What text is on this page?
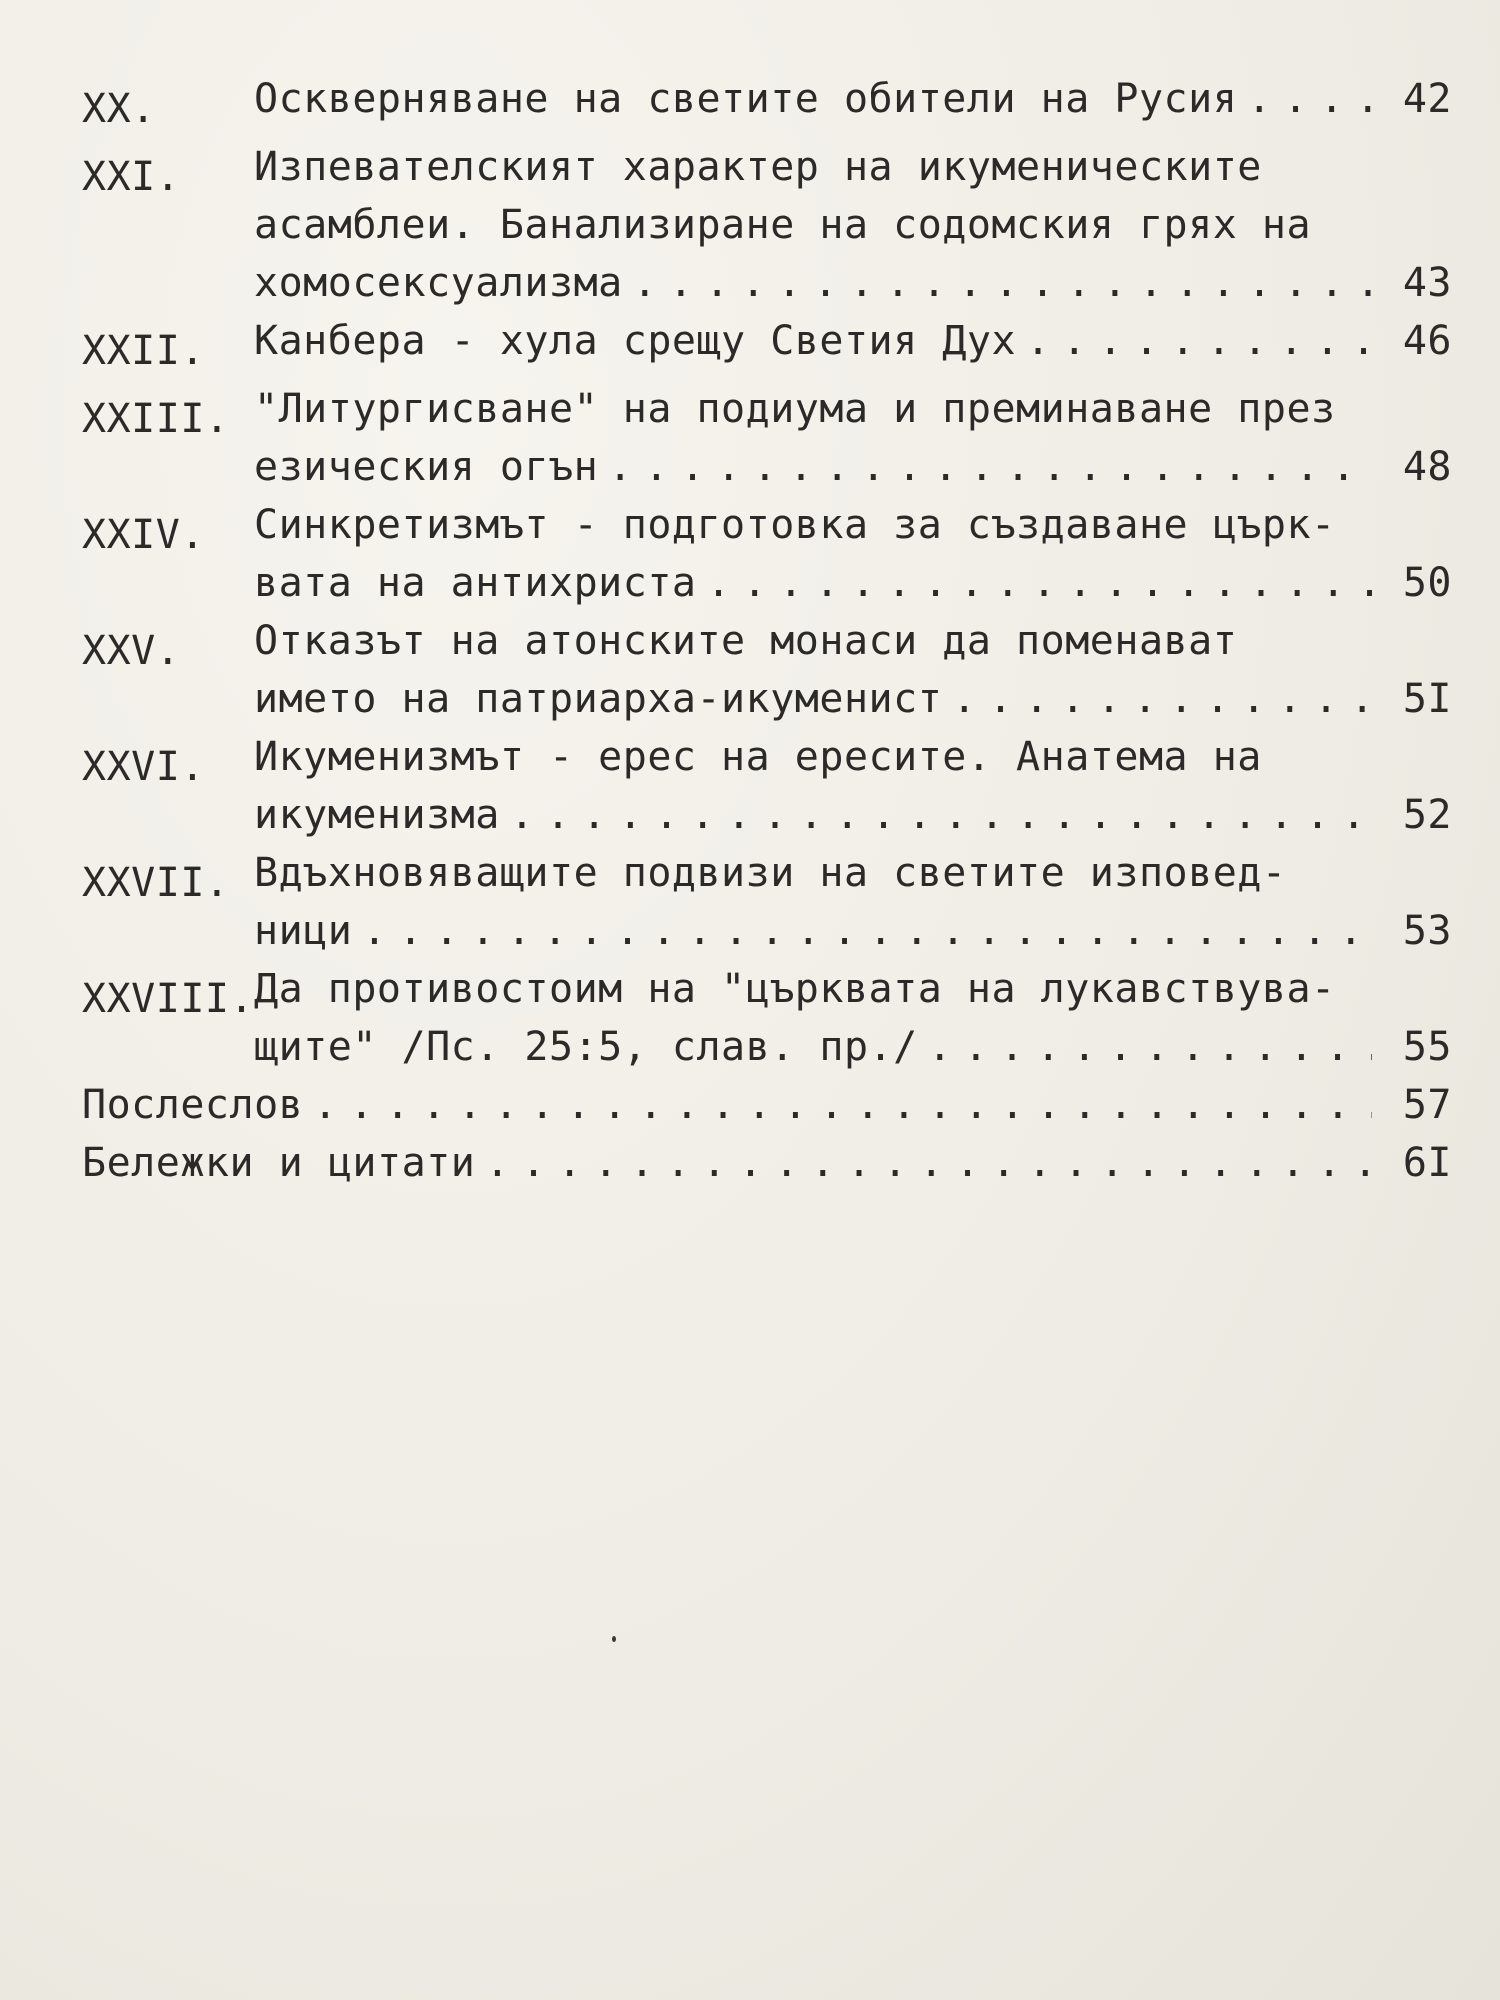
XX.	Оскверняване на светите обители на Русия . . .	42
XXI.	Изпевателският характер на икуменическите
асамблеи. Банализиране на содомския грях на
хомосексуализма . . .	43
XXII.	Канбера - хула срещу Светия Дух . . .	46
XXIII. "Литургисване" на подиума и преминаване през
езическия огън . . .	48
XXIV.	Синкретизмът - подготовка за създаване църк-
вата на антихриста . . .	50
XXV.	Отказът на атонските монаси да поменават
името на патриарха-икуменист . . .	5I
XXVI.	Икуменизмът - ерес на ересите. Анатема на
икуменизма . . .	52
XXVII. Вдъхновяващите подвизи на светите изповед-
ници . . .	53
XXVIII. Да противостоим на "църквата на лукавствува-
щите" /Пс. 25:5, слав. пр./ . . .	55
Послеслов . . .	57
Бележки и цитати . . .	6I
